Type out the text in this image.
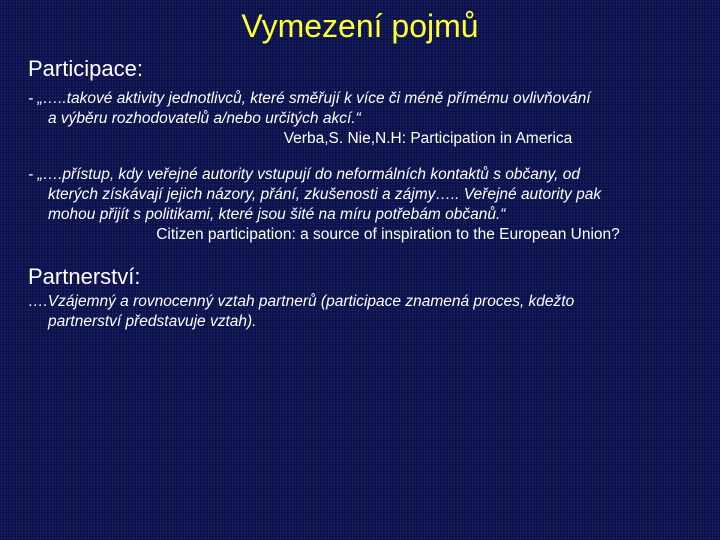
Vymezení pojmů
Participace:
- „…..takové aktivity jednotlivců, které směřují k více či méně přímému ovlivňování
a výběru rozhodovatelů a/nebo určitých akcí.“
Verba,S. Nie,N.H: Participation in America
- „….přístup, kdy veřejné autority vstupují do neformálních kontaktů s občany, od
kterých získávají jejich názory, přání, zkušenosti a zájmy….. Veřejné autority pak
mohou přijít s politikami, které jsou šité na míru potřebám občanů.“
Citizen participation: a source of inspiration to the European Union?
Partnerství:
….Vzájemný a rovnocenný vztah partnerů (participace znamená proces, kdežto
partnerství představuje vztah).
